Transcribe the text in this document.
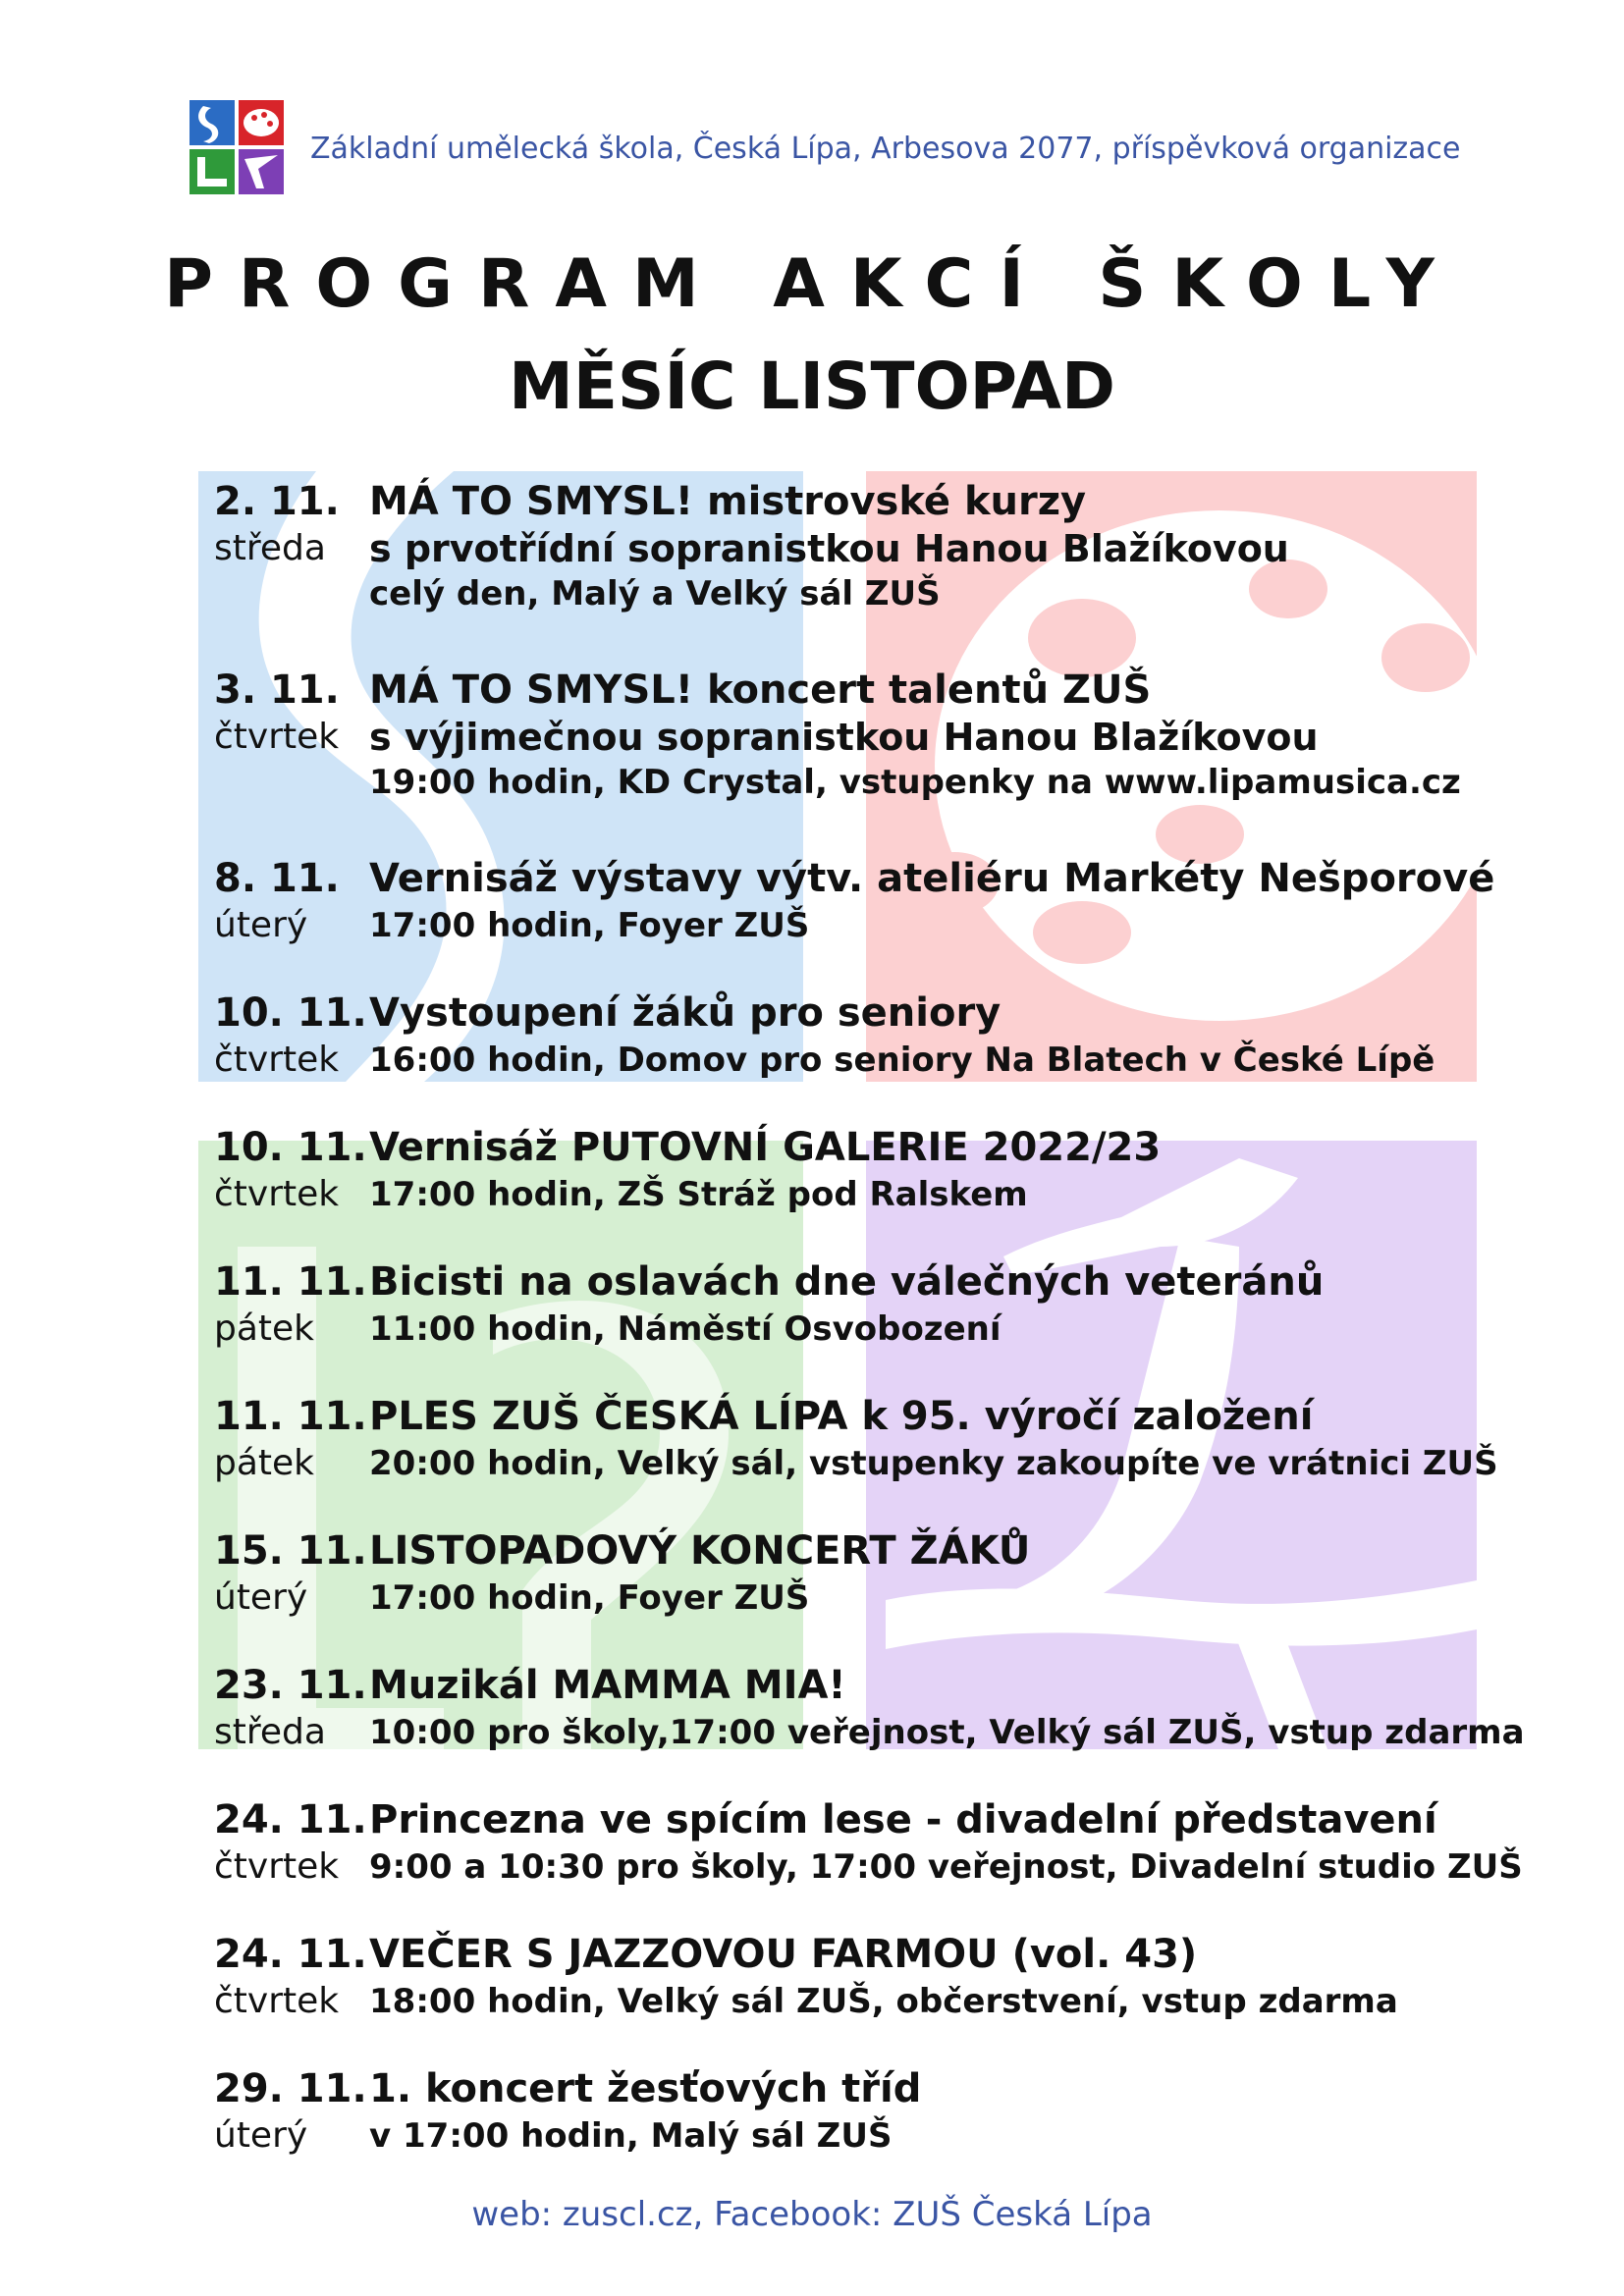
Základní umělecká škola, Česká Lípa, Arbesova 2077, příspěvková organizace
PROGRAM AKCÍ ŠKOLY
MĚSÍC LISTOPAD
2. 11.
středa
MÁ TO SMYSL! mistrovské kurzy
s prvotřídní sopranistkou Hanou Blažíkovou
celý den, Malý a Velký sál ZUŠ
3. 11.
čtvrtek
MÁ TO SMYSL! koncert talentů ZUŠ
s výjimečnou sopranistkou Hanou Blažíkovou
19:00 hodin, KD Crystal, vstupenky na www.lipamusica.cz
8. 11.
úterý
Vernisáž výstavy výtv. ateliéru Markéty Nešporové
17:00 hodin, Foyer ZUŠ
10. 11.
čtvrtek
Vystoupení žáků pro seniory
16:00 hodin, Domov pro seniory Na Blatech v České Lípě
10. 11.
čtvrtek
Vernisáž PUTOVNÍ GALERIE 2022/23
17:00 hodin, ZŠ Stráž pod Ralskem
11. 11.
pátek
Bicisti na oslavách dne válečných veteránů
11:00 hodin, Náměstí Osvobození
11. 11.
pátek
PLES ZUŠ ČESKÁ LÍPA k 95. výročí založení
20:00 hodin, Velký sál, vstupenky zakoupíte ve vrátnici ZUŠ
15. 11.
úterý
LISTOPADOVÝ KONCERT ŽÁKŮ
17:00 hodin, Foyer ZUŠ
23. 11.
středa
Muzikál MAMMA MIA!
10:00 pro školy,17:00 veřejnost, Velký sál ZUŠ, vstup zdarma
24. 11.
čtvrtek
Princezna ve spícím lese - divadelní představení
9:00 a 10:30 pro školy, 17:00 veřejnost, Divadelní studio ZUŠ
24. 11.
čtvrtek
VEČER S JAZZOVOU FARMOU (vol. 43)
18:00 hodin, Velký sál ZUŠ, občerstvení, vstup zdarma
29. 11.
úterý
1. koncert žesťových tříd
v 17:00 hodin, Malý sál ZUŠ
web: zuscl.cz, Facebook: ZUŠ Česká Lípa
